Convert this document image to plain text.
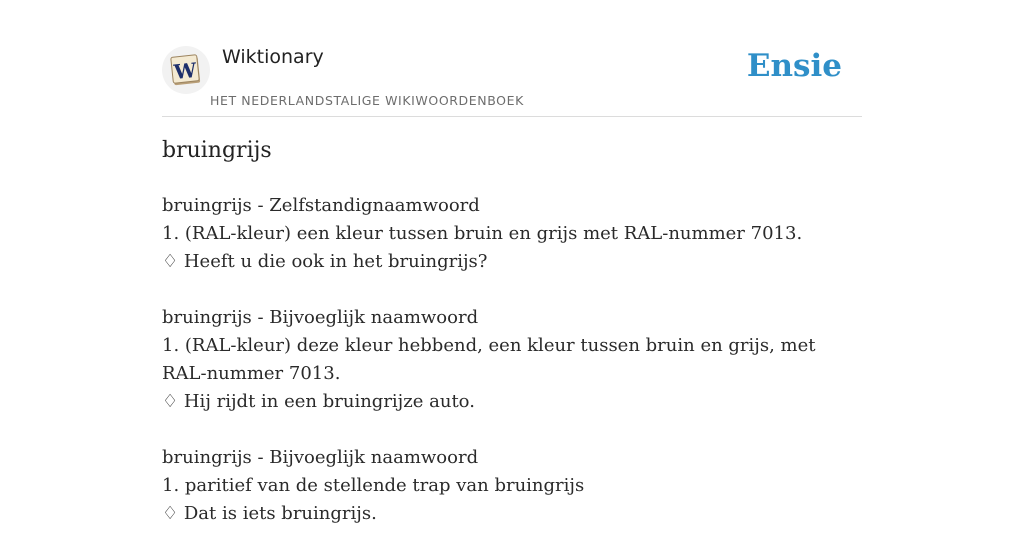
W
Wiktionary
HET NEDERLANDSTALIGE WIKIWOORDENBOEK
Ensie
bruingrijs
bruingrijs - Zelfstandignaamwoord
1. (RAL-kleur) een kleur tussen bruin en grijs met RAL-nummer 7013.
♢ Heeft u die ook in het bruingrijs?
bruingrijs - Bijvoeglijk naamwoord
1. (RAL-kleur) deze kleur hebbend, een kleur tussen bruin en grijs, met RAL-nummer 7013.
♢ Hij rijdt in een bruingrijze auto.
bruingrijs - Bijvoeglijk naamwoord
1. paritief van de stellende trap van bruingrijs
♢ Dat is iets bruingrijs.
